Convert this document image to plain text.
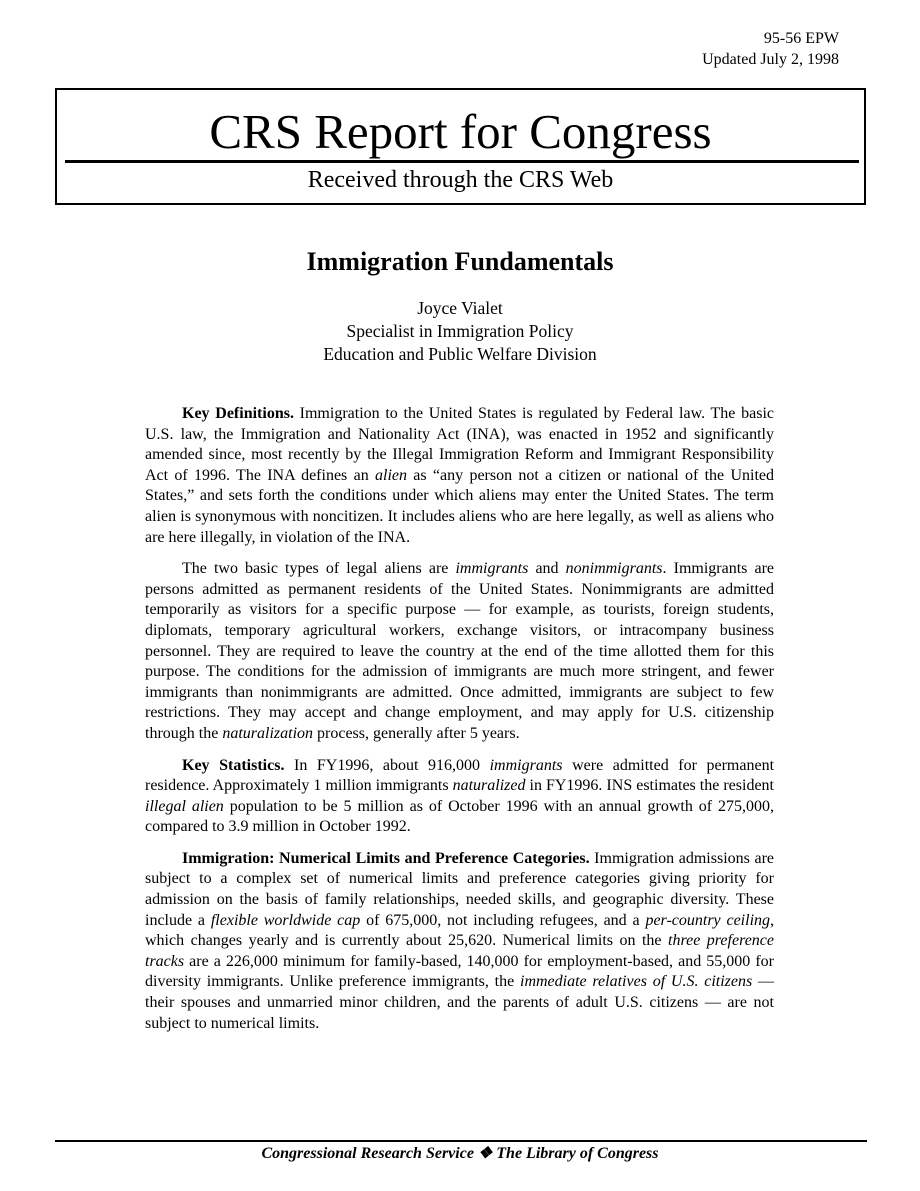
95-56 EPW
Updated July 2, 1998
CRS Report for Congress
Received through the CRS Web
Immigration Fundamentals
Joyce Vialet
Specialist in Immigration Policy
Education and Public Welfare Division

Key Definitions. Immigration to the United States is regulated by Federal law. The basic U.S. law, the Immigration and Nationality Act (INA), was enacted in 1952 and significantly amended since, most recently by the Illegal Immigration Reform and Immigrant Responsibility Act of 1996. The INA defines an alien as “any person not a citizen or national of the United States,” and sets forth the conditions under which aliens may enter the United States. The term alien is synonymous with noncitizen. It includes aliens who are here legally, as well as aliens who are here illegally, in violation of the INA.

The two basic types of legal aliens are immigrants and nonimmigrants. Immigrants are persons admitted as permanent residents of the United States. Nonimmigrants are admitted temporarily as visitors for a specific purpose — for example, as tourists, foreign students, diplomats, temporary agricultural workers, exchange visitors, or intracompany business personnel. They are required to leave the country at the end of the time allotted them for this purpose. The conditions for the admission of immigrants are much more stringent, and fewer immigrants than nonimmigrants are admitted. Once admitted, immigrants are subject to few restrictions. They may accept and change employment, and may apply for U.S. citizenship through the naturalization process, generally after 5 years.

Key Statistics. In FY1996, about 916,000 immigrants were admitted for permanent residence. Approximately 1 million immigrants naturalized in FY1996. INS estimates the resident illegal alien population to be 5 million as of October 1996 with an annual growth of 275,000, compared to 3.9 million in October 1992.

Immigration: Numerical Limits and Preference Categories. Immigration admissions are subject to a complex set of numerical limits and preference categories giving priority for admission on the basis of family relationships, needed skills, and geographic diversity. These include a flexible worldwide cap of 675,000, not including refugees, and a per-country ceiling, which changes yearly and is currently about 25,620. Numerical limits on the three preference tracks are a 226,000 minimum for family-based, 140,000 for employment-based, and 55,000 for diversity immigrants. Unlike preference immigrants, the immediate relatives of U.S. citizens — their spouses and unmarried minor children, and the parents of adult U.S. citizens — are not subject to numerical limits.

Congressional Research Service ❖ The Library of Congress
